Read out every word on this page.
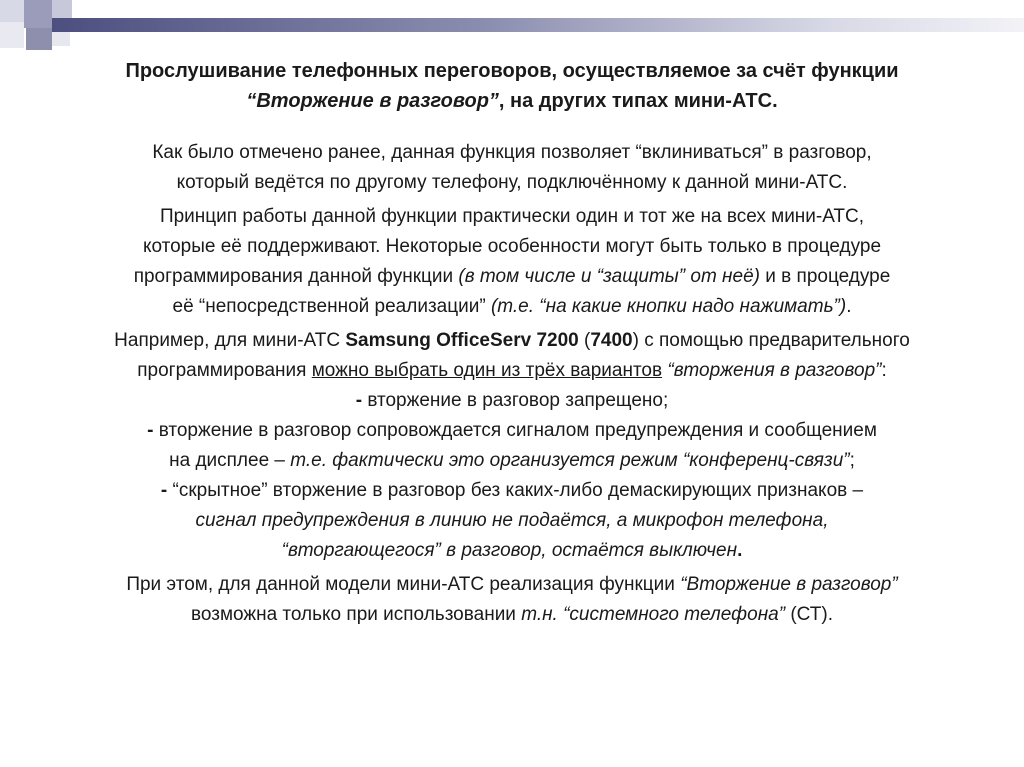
Прослушивание телефонных переговоров, осуществляемое за счёт функции
“Вторжение в разговор”, на других типах мини-АТС.
Как было отмечено ранее, данная функция позволяет “вклиниваться” в разговор,
который ведётся по другому телефону, подключённому к данной мини-АТС.
Принцип работы данной функции практически один и тот же на всех мини-АТС,
которые её поддерживают. Некоторые особенности могут быть только в процедуре
программирования данной функции (в том числе и “защиты” от неё) и в процедуре
её “непосредственной реализации” (т.е. “на какие кнопки надо нажимать”).
Например, для мини-АТС Samsung OfficeServ 7200 (7400) с помощью предварительного
программирования можно выбрать один из трёх вариантов “вторжения в разговор”:
- вторжение в разговор запрещено;
- вторжение в разговор сопровождается сигналом предупреждения и сообщением
на дисплее – т.е. фактически это организуется режим “конференц-связи”;
- “скрытное” вторжение в разговор без каких-либо демаскирующих признаков –
сигнал предупреждения в линию не подаётся, а микрофон телефона,
“вторгающегося” в разговор, остаётся выключен.
При этом, для данной модели мини-АТС реализация функции “Вторжение в разговор”
возможна только при использовании т.н. “системного телефона” (СТ).
